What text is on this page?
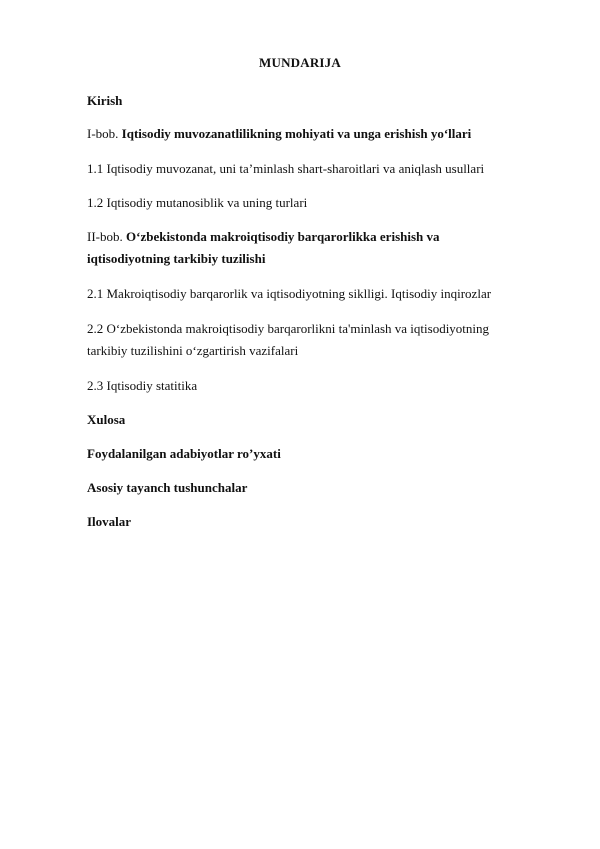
MUNDARIJA
Kirish
I-bob. Iqtisodiy muvozanatlilikning mohiyati va unga erishish yo‘llari
1.1 Iqtisodiy muvozanat, uni ta’minlash shart-sharoitlari va aniqlash usullari
1.2 Iqtisodiy mutanosiblik va uning turlari
II-bob. O‘zbekistonda makroiqtisodiy barqarorlikka erishish va
iqtisodiyotning tarkibiy tuzilishi
2.1 Makroiqtisodiy barqarorlik va iqtisodiyotning siklligi. Iqtisodiy inqirozlar
2.2 O‘zbekistonda makroiqtisodiy barqarorlikni ta'minlash va iqtisodiyotning
tarkibiy tuzilishini o‘zgartirish vazifalari
2.3 Iqtisodiy statitika
Xulosa
Foydalanilgan adabiyotlar ro’yxati
Asosiy tayanch tushunchalar
Ilovalar
